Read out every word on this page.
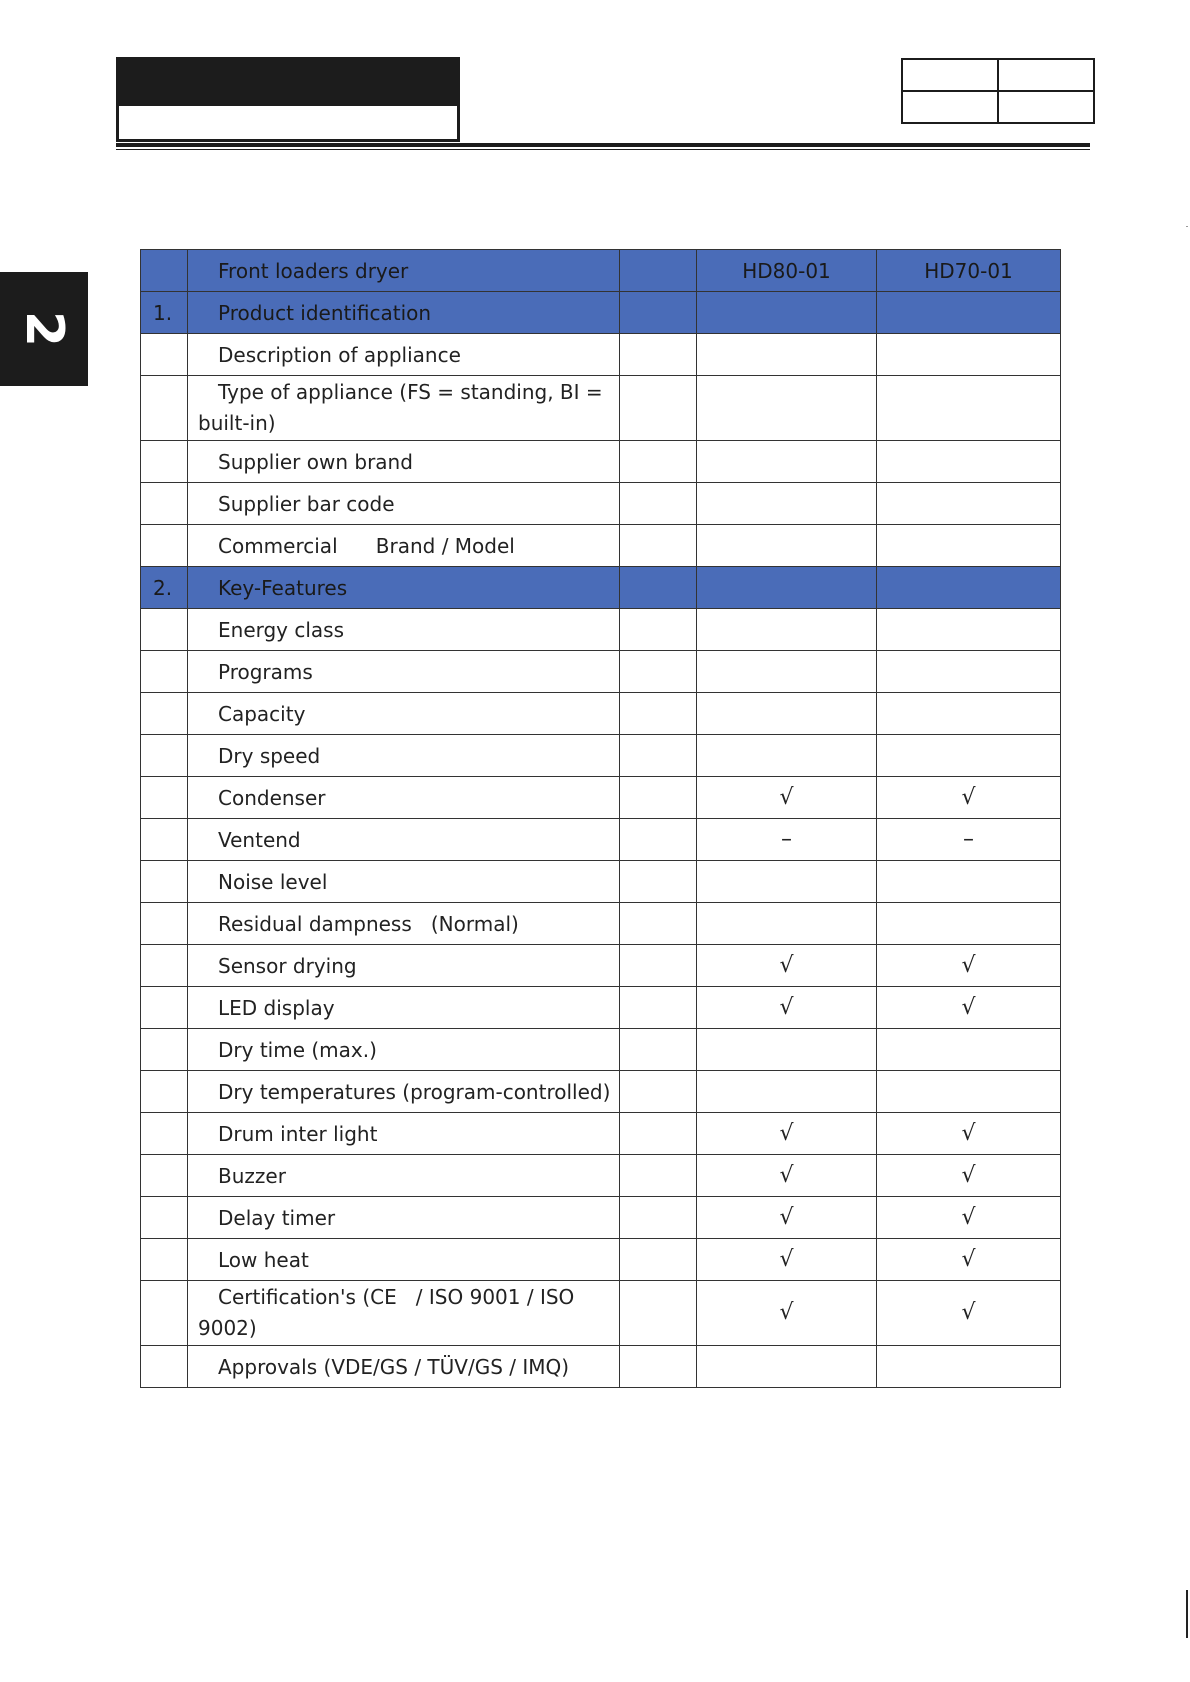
2
	Front loaders dryer		HD80-01	HD70-01
1.	Product identification			
	Description of appliance			
	Type of appliance (FS = standing, BI = built-in)			
	Supplier own brand			
	Supplier bar code			
	Commercial      Brand / Model			
2.	Key-Features			
	Energy class			
	Programs			
	Capacity			
	Dry speed			
	Condenser		√	√
	Ventend		–	–
	Noise level			
	Residual dampness   (Normal)			
	Sensor drying		√	√
	LED display		√	√
	Dry time (max.)			
	Dry temperatures (program-controlled)			
	Drum inter light		√	√
	Buzzer		√	√
	Delay timer		√	√
	Low heat		√	√
	Certification's (CE   / ISO 9001 / ISO 9002)		√	√
	Approvals (VDE/GS / TÜV/GS / IMQ)			
